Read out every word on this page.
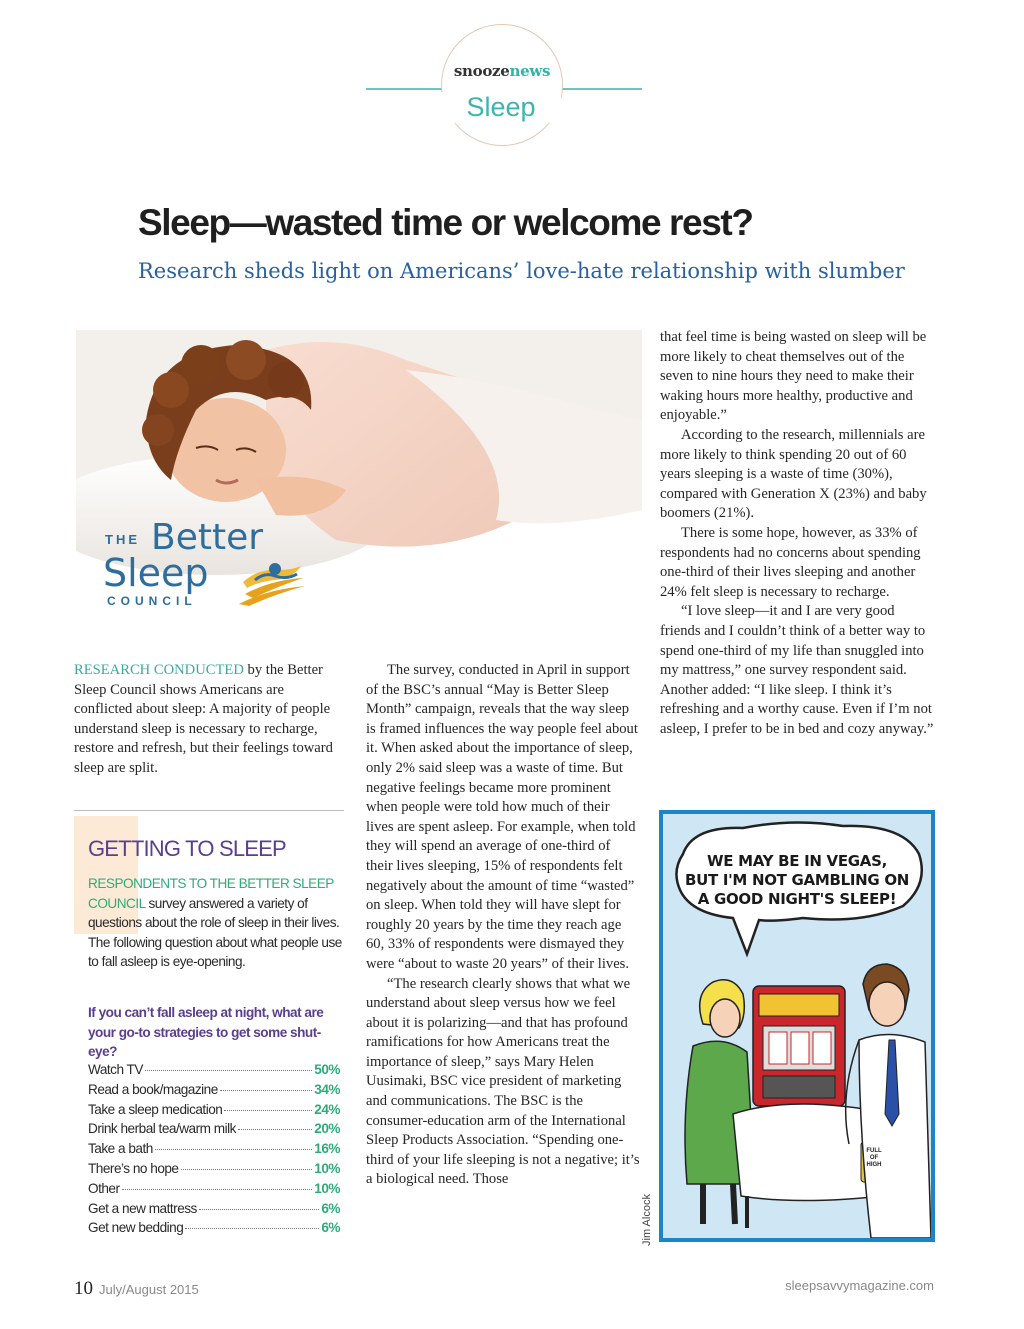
snoozenews
Sleep
Sleep—wasted time or welcome rest?
Research sheds light on Americans’ love-hate relationship with slumber
THE Better
Sleep
COUNCIL

RESEARCH CONDUCTED by the Better Sleep Council shows Americans are conflicted about sleep: A majority of people understand sleep is necessary to recharge, restore and refresh, but their feelings toward sleep are split.

GETTING TO SLEEP
RESPONDENTS TO THE BETTER SLEEP COUNCIL survey answered a variety of questions about the role of sleep in their lives. The following question about what people use to fall asleep is eye-opening.
If you can’t fall asleep at night, what are your go-to strategies to get some shut-eye?
Watch TV	50%
Read a book/magazine	34%
Take a sleep medication	24%
Drink herbal tea/warm milk	20%
Take a bath	16%
There’s no hope	10%
Other	10%
Get a new mattress	6%
Get new bedding	6%

The survey, conducted in April in support of the BSC’s annual “May is Better Sleep Month” campaign, reveals that the way sleep is framed influences the way people feel about it. When asked about the importance of sleep, only 2% said sleep was a waste of time. But negative feelings became more prominent when people were told how much of their lives are spent asleep. For example, when told they will spend an average of one-third of their lives sleeping, 15% of respondents felt negatively about the amount of time “wasted” on sleep. When told they will have slept for roughly 20 years by the time they reach age 60, 33% of respondents were dismayed they were “about to waste 20 years” of their lives.

“The research clearly shows that what we understand about sleep versus how we feel about it is polarizing—and that has profound ramifications for how Americans treat the importance of sleep,” says Mary Helen Uusimaki, BSC vice president of marketing and communications. The BSC is the consumer-education arm of the International Sleep Products Association. “Spending one-third of your life sleeping is not a negative; it’s a biological need. Those

that feel time is being wasted on sleep will be more likely to cheat themselves out of the seven to nine hours they need to make their waking hours more healthy, productive and enjoyable.”

According to the research, millennials are more likely to think spending 20 out of 60 years sleeping is a waste of time (30%), compared with Generation X (23%) and baby boomers (21%).

There is some hope, however, as 33% of respondents had no concerns about spending one-third of their lives sleeping and another 24% felt sleep is necessary to recharge.

“I love sleep—it and I are very good friends and I couldn’t think of a better way to spend one-third of my life than snuggled into my mattress,” one survey respondent said. Another added: “I like sleep. I think it’s refreshing and a worthy cause. Even if I’m not asleep, I prefer to be in bed and cozy anyway.”

WE MAY BE IN VEGAS,
BUT I'M NOT GAMBLING ON
A GOOD NIGHT'S SLEEP!
FULL OF HIGH
Jim Alcock
10 July/August 2015	sleepsavvymagazine.com
